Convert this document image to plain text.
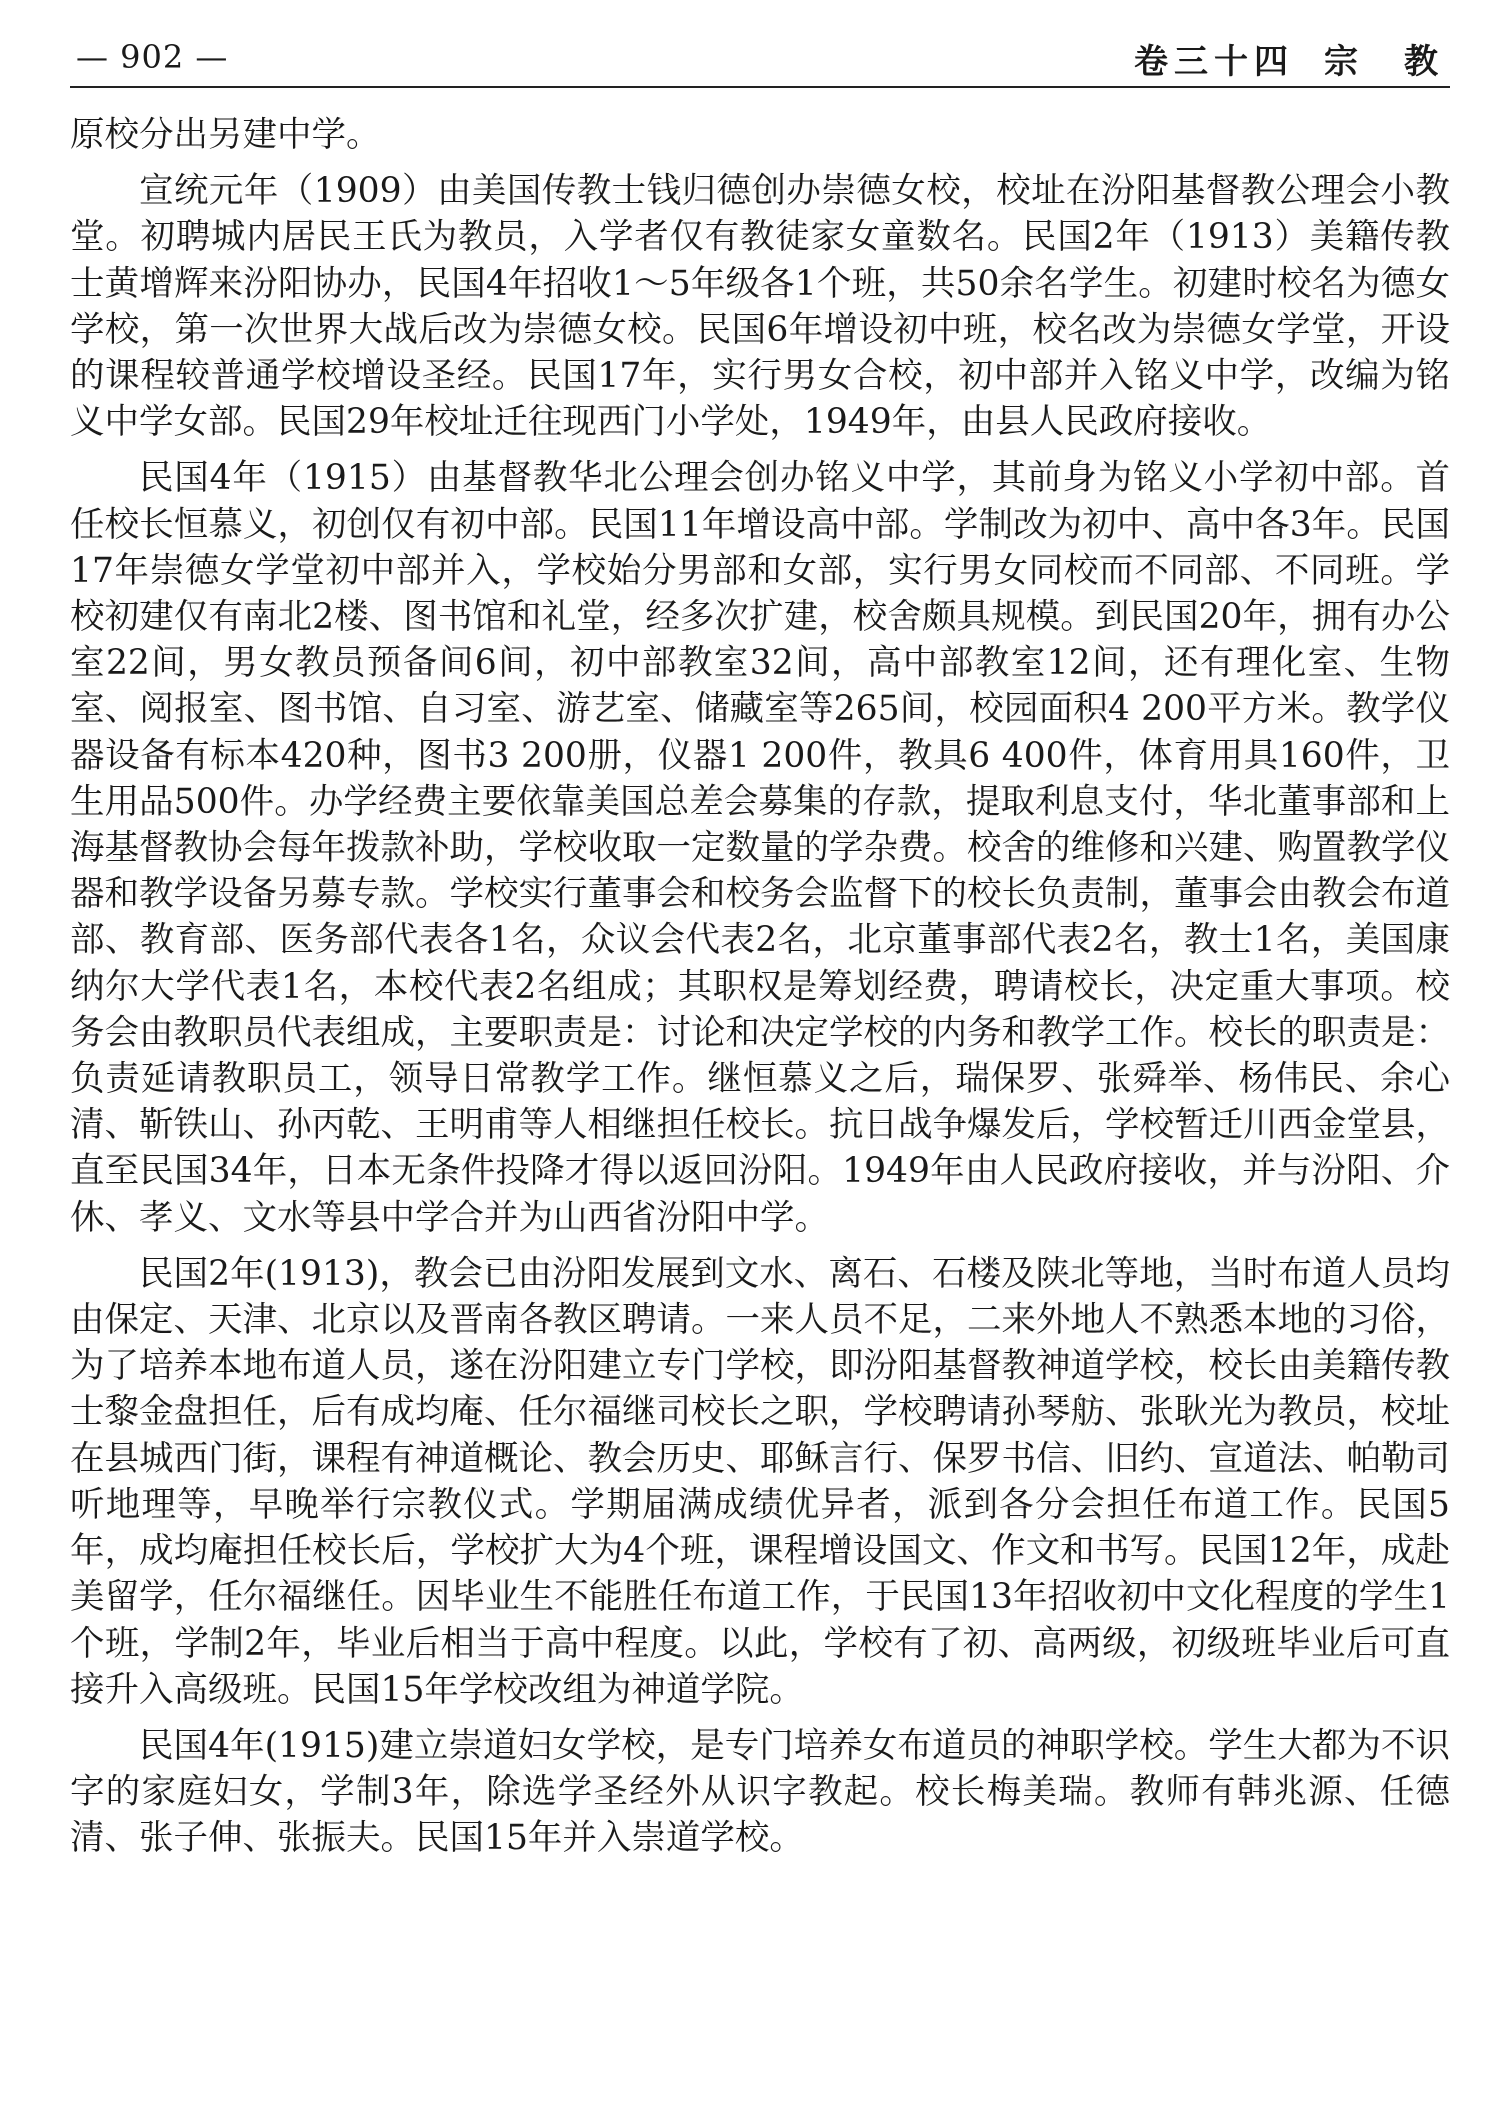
— 902 —	卷三十四 宗　教

原校分出另建中学。

宣统元年（1909）由美国传教士钱归德创办崇德女校，校址在汾阳基督教公理会小教堂。初聘城内居民王氏为教员，入学者仅有教徒家女童数名。民国2年（1913）美籍传教士黄增辉来汾阳协办，民国4年招收1～5年级各1个班，共50余名学生。初建时校名为德女学校，第一次世界大战后改为崇德女校。民国6年增设初中班，校名改为崇德女学堂，开设的课程较普通学校增设圣经。民国17年，实行男女合校，初中部并入铭义中学，改编为铭义中学女部。民国29年校址迁往现西门小学处，1949年，由县人民政府接收。

民国4年（1915）由基督教华北公理会创办铭义中学，其前身为铭义小学初中部。首任校长恒慕义，初创仅有初中部。民国11年增设高中部。学制改为初中、高中各3年。民国17年崇德女学堂初中部并入，学校始分男部和女部，实行男女同校而不同部、不同班。学校初建仅有南北2楼、图书馆和礼堂，经多次扩建，校舍颇具规模。到民国20年，拥有办公室22间，男女教员预备间6间，初中部教室32间，高中部教室12间，还有理化室、生物室、阅报室、图书馆、自习室、游艺室、储藏室等265间，校园面积4 200平方米。教学仪器设备有标本420种，图书3 200册，仪器1 200件，教具6 400件，体育用具160件，卫生用品500件。办学经费主要依靠美国总差会募集的存款，提取利息支付，华北董事部和上海基督教协会每年拨款补助，学校收取一定数量的学杂费。校舍的维修和兴建、购置教学仪器和教学设备另募专款。学校实行董事会和校务会监督下的校长负责制，董事会由教会布道部、教育部、医务部代表各1名，众议会代表2名，北京董事部代表2名，教士1名，美国康纳尔大学代表1名，本校代表2名组成；其职权是筹划经费，聘请校长，决定重大事项。校务会由教职员代表组成，主要职责是：讨论和决定学校的内务和教学工作。校长的职责是：负责延请教职员工，领导日常教学工作。继恒慕义之后，瑞保罗、张舜举、杨伟民、余心清、靳铁山、孙丙乾、王明甫等人相继担任校长。抗日战争爆发后，学校暂迁川西金堂县，直至民国34年，日本无条件投降才得以返回汾阳。1949年由人民政府接收，并与汾阳、介休、孝义、文水等县中学合并为山西省汾阳中学。

民国2年(1913)，教会已由汾阳发展到文水、离石、石楼及陕北等地，当时布道人员均由保定、天津、北京以及晋南各教区聘请。一来人员不足，二来外地人不熟悉本地的习俗，为了培养本地布道人员，遂在汾阳建立专门学校，即汾阳基督教神道学校，校长由美籍传教士黎金盘担任，后有成均庵、任尔福继司校长之职，学校聘请孙琴舫、张耿光为教员，校址在县城西门街，课程有神道概论、教会历史、耶稣言行、保罗书信、旧约、宣道法、帕勒司听地理等，早晚举行宗教仪式。学期届满成绩优异者，派到各分会担任布道工作。民国5年，成均庵担任校长后，学校扩大为4个班，课程增设国文、作文和书写。民国12年，成赴美留学，任尔福继任。因毕业生不能胜任布道工作，于民国13年招收初中文化程度的学生1个班，学制2年，毕业后相当于高中程度。以此，学校有了初、高两级，初级班毕业后可直接升入高级班。民国15年学校改组为神道学院。

民国4年(1915)建立崇道妇女学校，是专门培养女布道员的神职学校。学生大都为不识字的家庭妇女，学制3年，除选学圣经外从识字教起。校长梅美瑞。教师有韩兆源、任德清、张子伸、张振夫。民国15年并入崇道学校。
